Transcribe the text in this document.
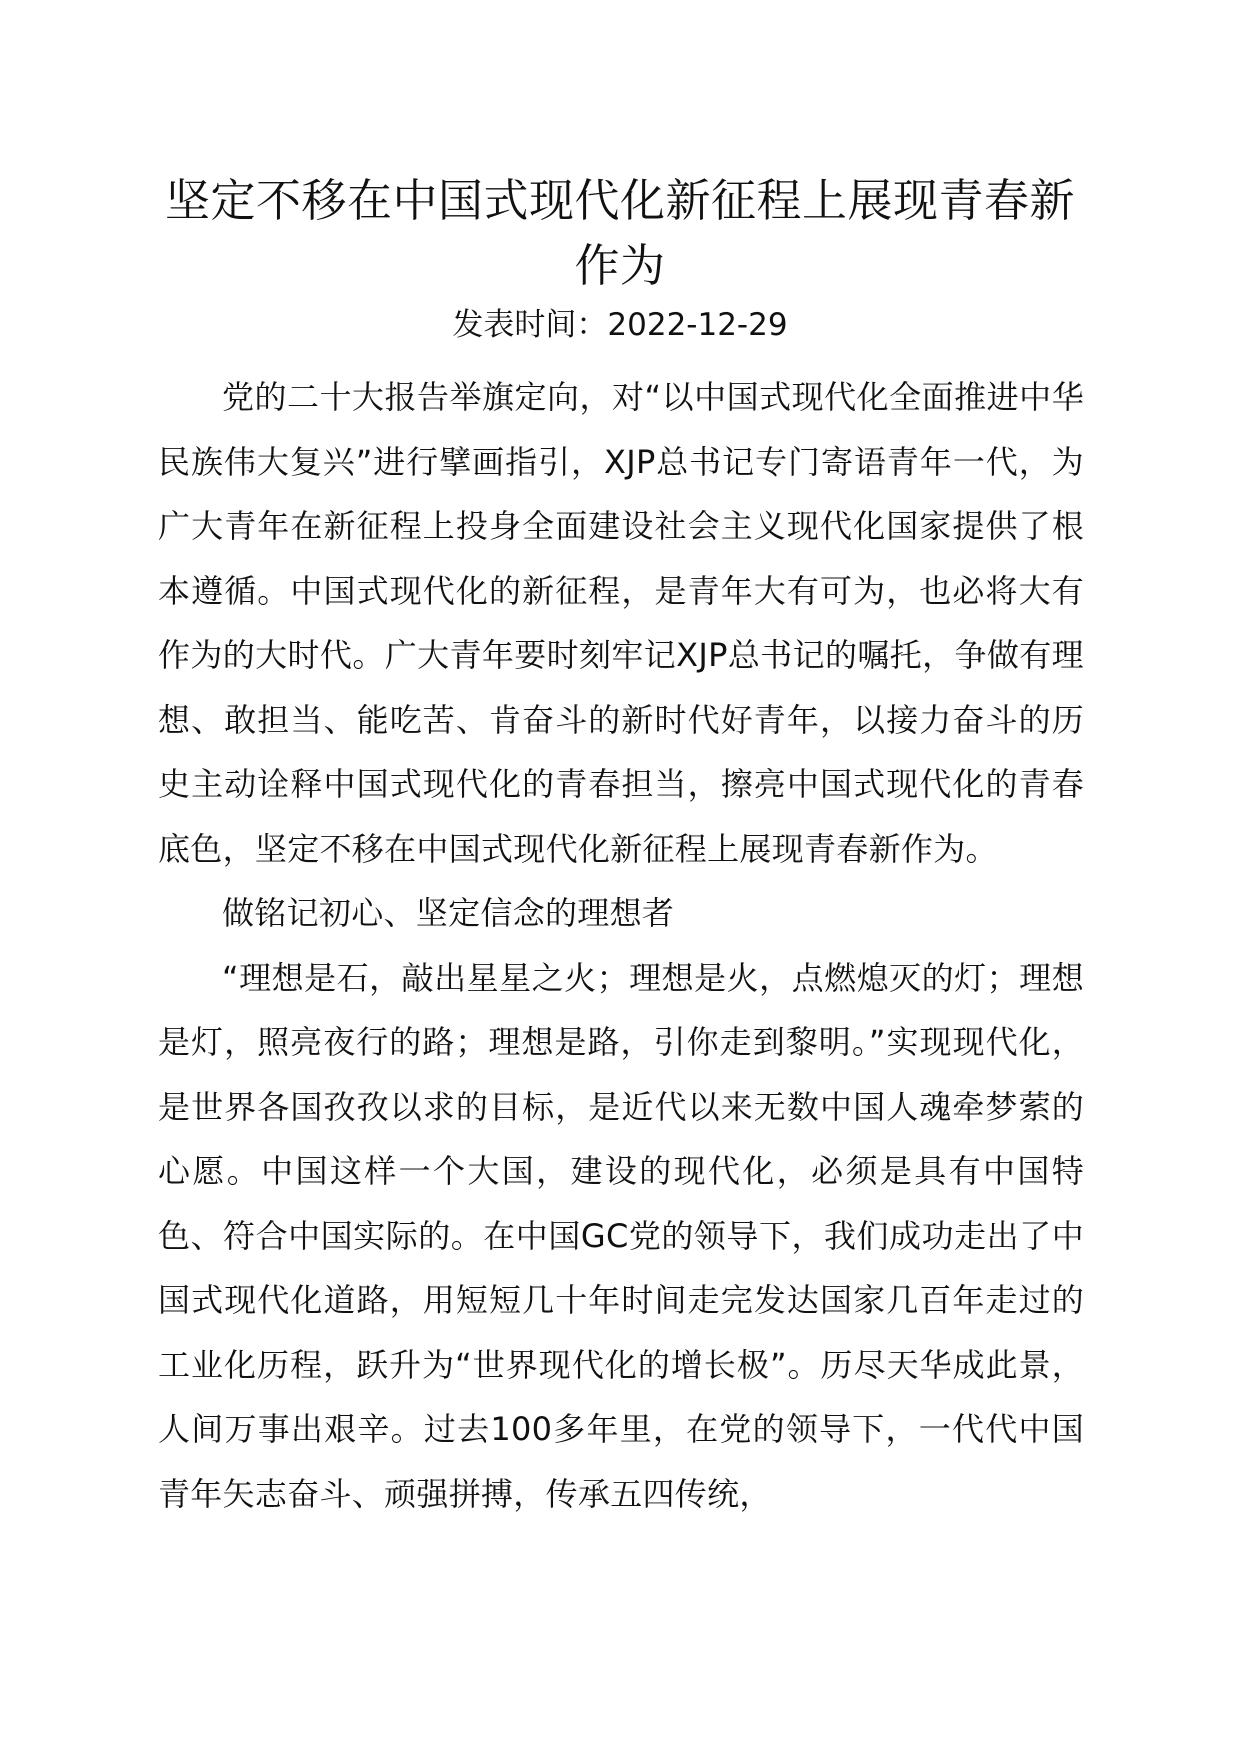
坚定不移在中国式现代化新征程上展现青春新作为
发表时间：2022-12-29

党的二十大报告举旗定向，对“以中国式现代化全面推进中华民族伟大复兴”进行擘画指引，XJP总书记专门寄语青年一代，为广大青年在新征程上投身全面建设社会主义现代化国家提供了根本遵循。中国式现代化的新征程，是青年大有可为，也必将大有作为的大时代。广大青年要时刻牢记XJP总书记的嘱托，争做有理想、敢担当、能吃苦、肯奋斗的新时代好青年，以接力奋斗的历史主动诠释中国式现代化的青春担当，擦亮中国式现代化的青春底色，坚定不移在中国式现代化新征程上展现青春新作为。

做铭记初心、坚定信念的理想者

“理想是石，敲出星星之火；理想是火，点燃熄灭的灯；理想是灯，照亮夜行的路；理想是路，引你走到黎明。”实现现代化，是世界各国孜孜以求的目标，是近代以来无数中国人魂牵梦萦的心愿。中国这样一个大国，建设的现代化，必须是具有中国特色、符合中国实际的。在中国GC党的领导下，我们成功走出了中国式现代化道路，用短短几十年时间走完发达国家几百年走过的工业化历程，跃升为“世界现代化的增长极”。历尽天华成此景，人间万事出艰辛。过去100多年里，在党的领导下，一代代中国青年矢志奋斗、顽强拼搏，传承五四传统，
